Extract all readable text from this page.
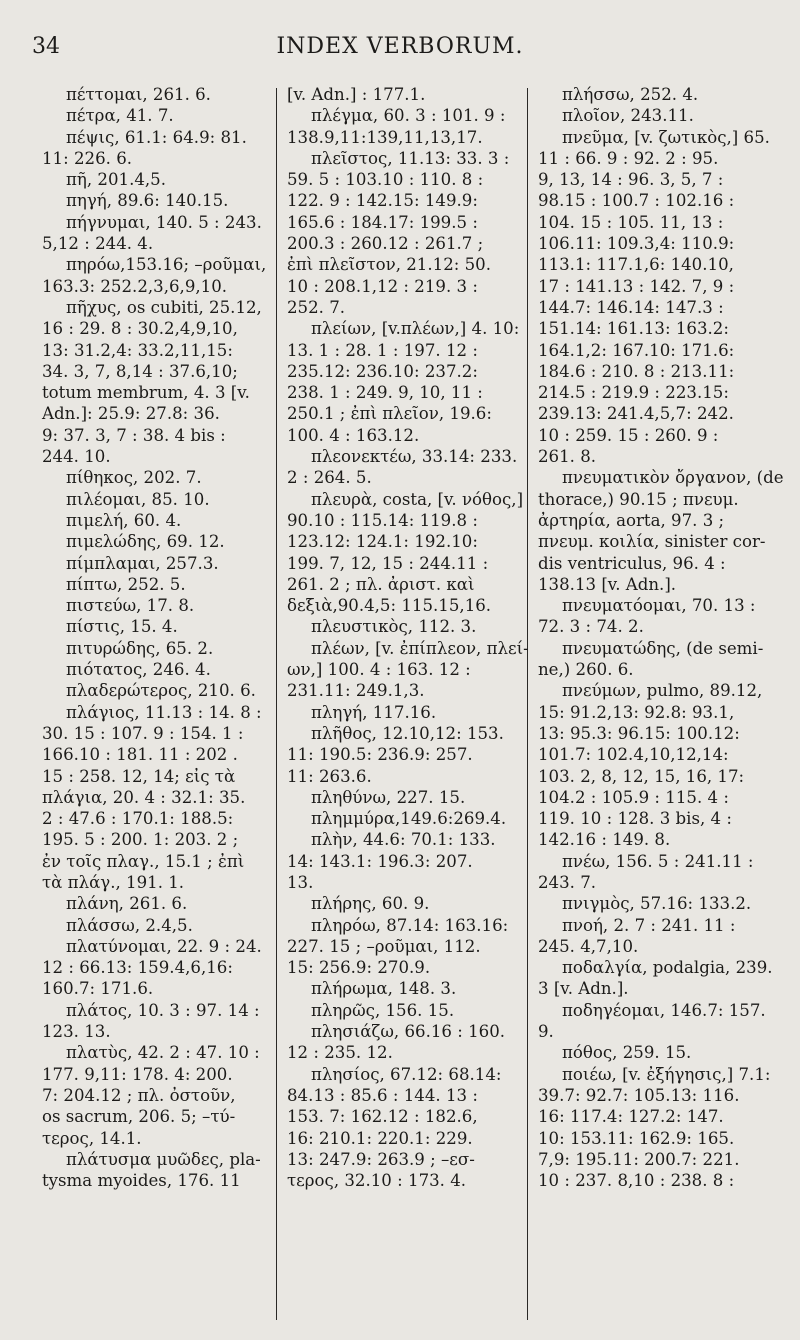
34	INDEX VERBORUM.
πέττομαι, 261. 6.
πέτρα, 41. 7.
πέψις, 61.1: 64.9: 81.
11: 226. 6.
πῆ, 201.4,5.
πηγή, 89.6: 140.15.
πήγνυμαι, 140. 5 : 243.
5,12 : 244. 4.
πηρόω,153.16; –ροῦμαι,
163.3: 252.2,3,6,9,10.
πῆχυς, os cubiti, 25.12,
16 : 29. 8 : 30.2,4,9,10,
13: 31.2,4: 33.2,11,15:
34. 3, 7, 8,14 : 37.6,10;
totum membrum, 4. 3 [v.
Adn.]: 25.9: 27.8: 36.
9: 37. 3, 7 : 38. 4 bis :
244. 10.
πίθηκος, 202. 7.
πιλέομαι, 85. 10.
πιμελή, 60. 4.
πιμελώδης, 69. 12.
πίμπλαμαι, 257.3.
πίπτω, 252. 5.
πιστεύω, 17. 8.
πίστις, 15. 4.
πιτυρώδης, 65. 2.
πιότατος, 246. 4.
πλαδερώτερος, 210. 6.
πλάγιος, 11.13 : 14. 8 :
30. 15 : 107. 9 : 154. 1 :
166.10 : 181. 11 : 202 .
15 : 258. 12, 14; εἰς τὰ
πλάγια, 20. 4 : 32.1: 35.
2 : 47.6 : 170.1: 188.5:
195. 5 : 200. 1: 203. 2 ;
ἐν τοῖς πλαγ., 15.1 ; ἐπὶ
τὰ πλάγ., 191. 1.
πλάνη, 261. 6.
πλάσσω, 2.4,5.
πλατύνομαι, 22. 9 : 24.
12 : 66.13: 159.4,6,16:
160.7: 171.6.
πλάτος, 10. 3 : 97. 14 :
123. 13.
πλατὺς, 42. 2 : 47. 10 :
177. 9,11: 178. 4: 200.
7: 204.12 ; πλ. ὀστοῦν,
os sacrum, 206. 5; –τύ-
τερος, 14.1.
πλάτυσμα μυῶδες, pla-
tysma myoides, 176. 11
[v. Adn.] : 177.1.
πλέγμα, 60. 3 : 101. 9 :
138.9,11:139,11,13,17.
πλεῖστος, 11.13: 33. 3 :
59. 5 : 103.10 : 110. 8 :
122. 9 : 142.15: 149.9:
165.6 : 184.17: 199.5 :
200.3 : 260.12 : 261.7 ;
ἐπὶ πλεῖστον, 21.12: 50.
10 : 208.1,12 : 219. 3 :
252. 7.
πλείων, [v.πλέων,] 4. 10:
13. 1 : 28. 1 : 197. 12 :
235.12: 236.10: 237.2:
238. 1 : 249. 9, 10, 11 :
250.1 ; ἐπὶ πλεῖον, 19.6:
100. 4 : 163.12.
πλεονεκτέω, 33.14: 233.
2 : 264. 5.
πλευρὰ, costa, [v. νόθος,]
90.10 : 115.14: 119.8 :
123.12: 124.1: 192.10:
199. 7, 12, 15 : 244.11 :
261. 2 ; πλ. ἀριστ. καὶ
δεξιὰ,90.4,5: 115.15,16.
πλευστικὸς, 112. 3.
πλέων, [v. ἐπίπλεον, πλεί-
ων,] 100. 4 : 163. 12 :
231.11: 249.1,3.
πληγή, 117.16.
πλῆθος, 12.10,12: 153.
11: 190.5: 236.9: 257.
11: 263.6.
πληθύνω, 227. 15.
πλημμύρα,149.6:269.4.
πλὴν, 44.6: 70.1: 133.
14: 143.1: 196.3: 207.
13.
πλήρης, 60. 9.
πληρόω, 87.14: 163.16:
227. 15 ; –ροῦμαι, 112.
15: 256.9: 270.9.
πλήρωμα, 148. 3.
πληρῶς, 156. 15.
πλησιάζω, 66.16 : 160.
12 : 235. 12.
πλησίος, 67.12: 68.14:
84.13 : 85.6 : 144. 13 :
153. 7: 162.12 : 182.6,
16: 210.1: 220.1: 229.
13: 247.9: 263.9 ; –εσ-
τερος, 32.10 : 173. 4.
πλήσσω, 252. 4.
πλοῖον, 243.11.
πνεῦμα, [v. ζωτικὸς,] 65.
11 : 66. 9 : 92. 2 : 95.
9, 13, 14 : 96. 3, 5, 7 :
98.15 : 100.7 : 102.16 :
104. 15 : 105. 11, 13 :
106.11: 109.3,4: 110.9:
113.1: 117.1,6: 140.10,
17 : 141.13 : 142. 7, 9 :
144.7: 146.14: 147.3 :
151.14: 161.13: 163.2:
164.1,2: 167.10: 171.6:
184.6 : 210. 8 : 213.11:
214.5 : 219.9 : 223.15:
239.13: 241.4,5,7: 242.
10 : 259. 15 : 260. 9 :
261. 8.
πνευματικὸν ὄργανον, (de
thorace,) 90.15 ; πνευμ.
ἀρτηρία, aorta, 97. 3 ;
πνευμ. κοιλία, sinister cor-
dis ventriculus, 96. 4 :
138.13 [v. Adn.].
πνευματόομαι, 70. 13 :
72. 3 : 74. 2.
πνευματώδης, (de semi-
ne,) 260. 6.
πνεύμων, pulmo, 89.12,
15: 91.2,13: 92.8: 93.1,
13: 95.3: 96.15: 100.12:
101.7: 102.4,10,12,14:
103. 2, 8, 12, 15, 16, 17:
104.2 : 105.9 : 115. 4 :
119. 10 : 128. 3 bis, 4 :
142.16 : 149. 8.
πνέω, 156. 5 : 241.11 :
243. 7.
πνιγμὸς, 57.16: 133.2.
πνοή, 2. 7 : 241. 11 :
245. 4,7,10.
ποδαλγία, podalgia, 239.
3 [v. Adn.].
ποδηγέομαι, 146.7: 157.
9.
πόθος, 259. 15.
ποιέω, [v. ἐξήγησις,] 7.1:
39.7: 92.7: 105.13: 116.
16: 117.4: 127.2: 147.
10: 153.11: 162.9: 165.
7,9: 195.11: 200.7: 221.
10 : 237. 8,10 : 238. 8 :
